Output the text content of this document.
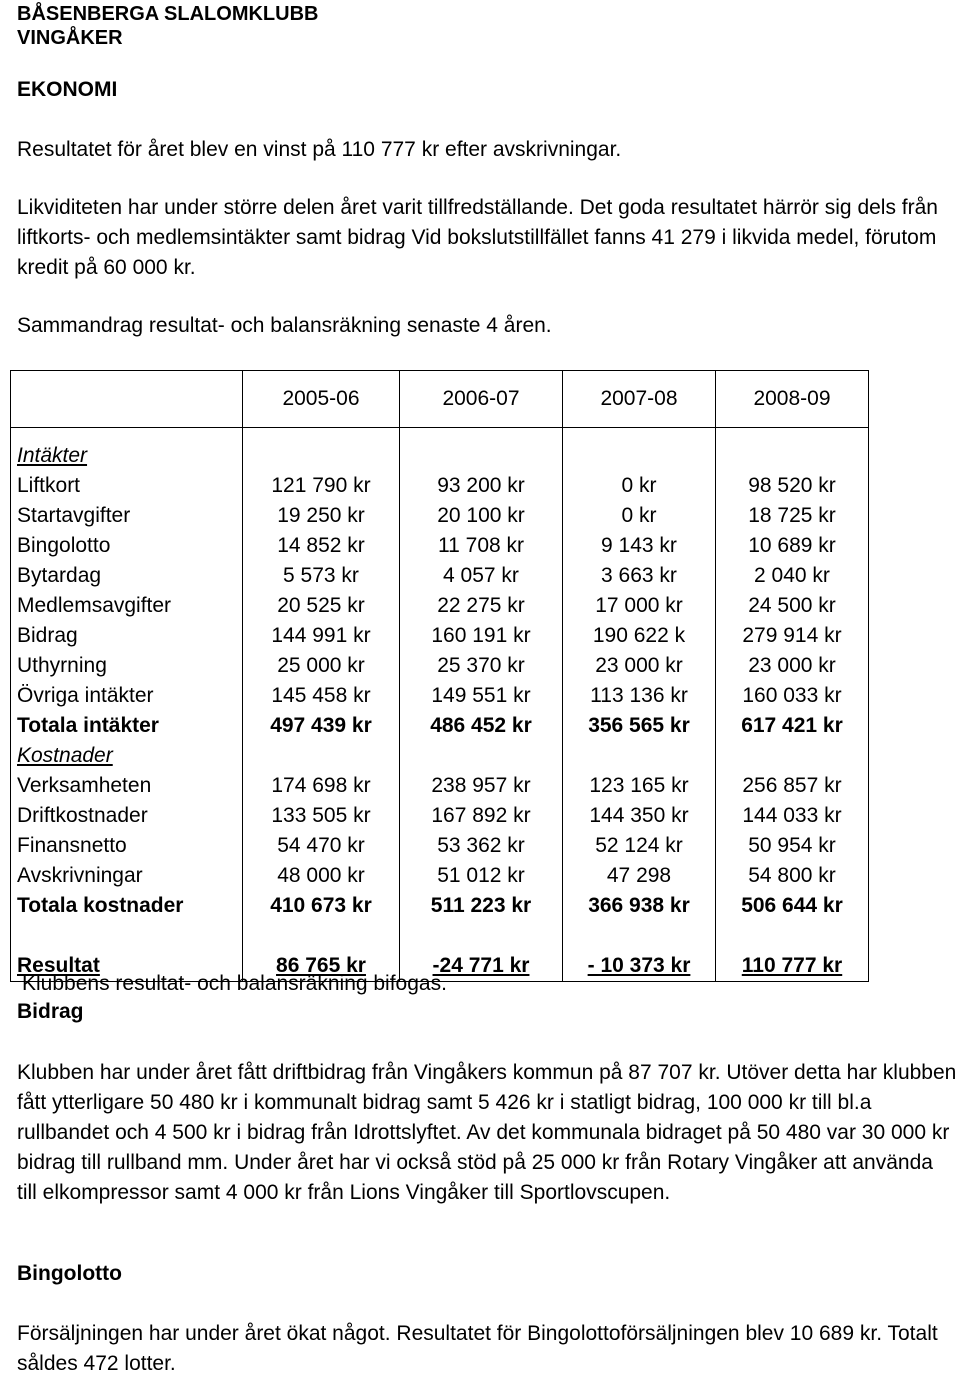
BÅSENBERGA SLALOMKLUBB
VINGÅKER
EKONOMI
Resultatet för året blev en vinst på 110 777 kr efter avskrivningar.
Likviditeten har under större delen året varit tillfredställande. Det goda resultatet härrör sig dels från liftkorts- och medlemsintäkter samt bidrag Vid bokslutstillfället fanns 41 279 i likvida medel, förutom kredit på 60 000 kr.
Sammandrag resultat- och balansräkning senaste 4 åren.
	2005-06	2006-07	2007-08	2008-09

Intäkter				
Liftkort	121 790 kr	93 200 kr	0 kr	98 520 kr
Startavgifter	19 250 kr	20 100 kr	0 kr	18 725 kr
Bingolotto	14 852 kr	11 708 kr	9 143 kr	10 689 kr
Bytardag	5 573 kr	4 057 kr	3 663 kr	2 040 kr
Medlemsavgifter	20 525 kr	22 275 kr	17 000 kr	24 500 kr
Bidrag	144 991 kr	160 191 kr	190 622 k	279 914 kr
Uthyrning	25 000 kr	25 370 kr	23 000 kr	23 000 kr
Övriga intäkter	145 458 kr	149 551 kr	113 136 kr	160 033 kr
Totala intäkter	497 439 kr	486 452 kr	356 565 kr	617 421 kr
Kostnader				
Verksamheten	174 698 kr	238 957 kr	123 165 kr	256 857 kr
Driftkostnader	133 505 kr	167 892 kr	144 350 kr	144 033 kr
Finansnetto	54 470 kr	53 362 kr	52 124 kr	50 954 kr
Avskrivningar	48 000 kr	51 012 kr	47 298	54 800 kr
Totala kostnader	410 673 kr	511 223 kr	366 938 kr	506 644 kr

Resultat	86 765 kr	-24 771 kr	- 10 373 kr	110 777 kr
Klubbens resultat- och balansräkning bifogas.
Bidrag
Klubben har under året fått driftbidrag från Vingåkers kommun på 87 707 kr. Utöver detta har klubben fått ytterligare 50 480 kr i kommunalt bidrag samt 5 426 kr i statligt bidrag, 100 000 kr till bl.a rullbandet och 4 500 kr i bidrag från Idrottslyftet. Av det kommunala bidraget på 50 480 var 30 000 kr bidrag till rullband mm. Under året har vi också stöd på 25 000 kr från Rotary Vingåker att använda till elkompressor samt 4 000 kr från Lions Vingåker till Sportlovscupen.
Bingolotto
Försäljningen har under året ökat något. Resultatet för Bingolottoförsäljningen blev 10 689 kr. Totalt såldes 472 lotter.
